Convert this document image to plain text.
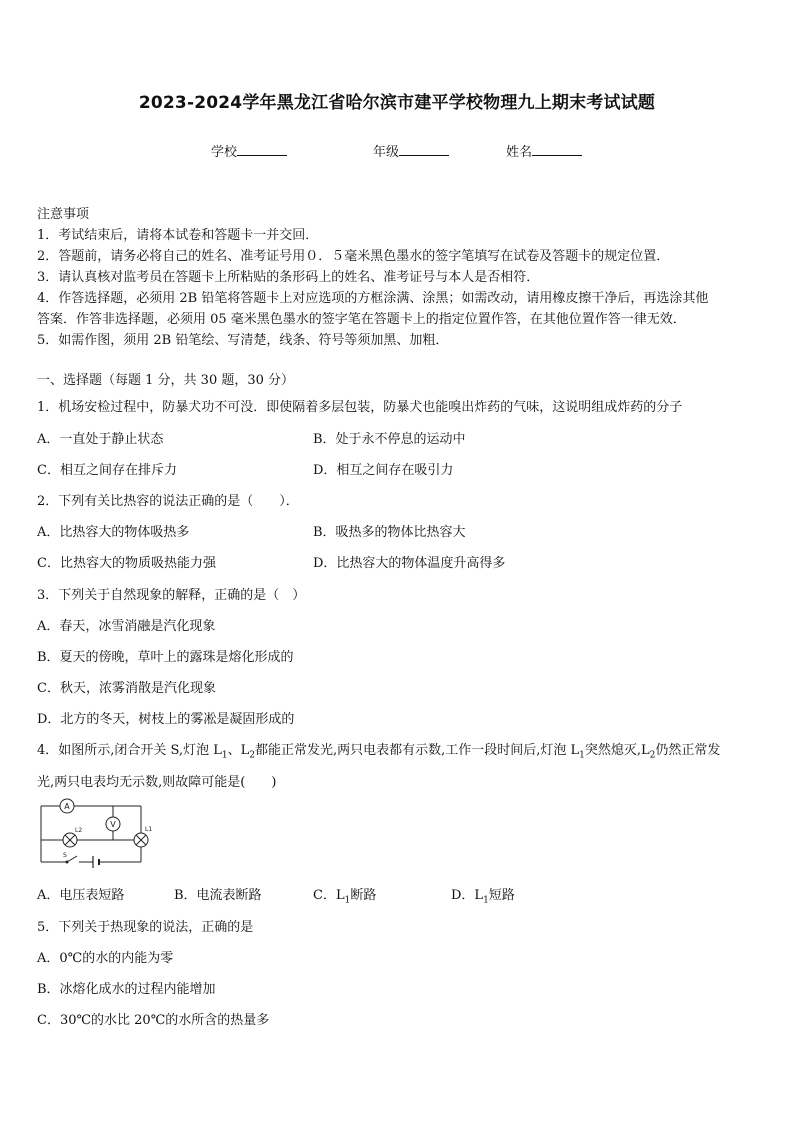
2023-2024学年黑龙江省哈尔滨市建平学校物理九上期末考试试题
学校	年级	姓名
注意事项
1．考试结束后，请将本试卷和答题卡一并交回．
2．答题前，请务必将自己的姓名、准考证号用０．５毫米黑色墨水的签字笔填写在试卷及答题卡的规定位置．
3．请认真核对监考员在答题卡上所粘贴的条形码上的姓名、准考证号与本人是否相符．
4．作答选择题，必须用 2B 铅笔将答题卡上对应选项的方框涂满、涂黑；如需改动，请用橡皮擦干净后，再选涂其他
答案．作答非选择题，必须用 05 毫米黑色墨水的签字笔在答题卡上的指定位置作答，在其他位置作答一律无效．
5．如需作图，须用 2B 铅笔绘、写清楚，线条、符号等须加黑、加粗．
一、选择题（每题 1 分，共 30 题，30 分）
1．机场安检过程中，防暴犬功不可没．即使隔着多层包装，防暴犬也能嗅出炸药的气味，这说明组成炸药的分子
A．一直处于静止状态	B．处于永不停息的运动中
C．相互之间存在排斥力	D．相互之间存在吸引力
2．下列有关比热容的说法正确的是（　　）．
A．比热容大的物体吸热多	B．吸热多的物体比热容大
C．比热容大的物质吸热能力强	D．比热容大的物体温度升高得多
3．下列关于自然现象的解释，正确的是（　）
A．春天，冰雪消融是汽化现象
B．夏天的傍晚，草叶上的露珠是熔化形成的
C．秋天，浓雾消散是汽化现象
D．北方的冬天，树枝上的雾凇是凝固形成的
4．如图所示,闭合开关 S,灯泡 $L_1$、$L_2$都能正常发光,两只电表都有示数,工作一段时间后,灯泡 $L_1$突然熄灭$,L_2$仍然正常发
光,两只电表均无示数,则故障可能是(　　)
A
V
L2	L1
S
A．电压表短路	B．电流表断路	C．$L_1$断路	D．$L_1$短路
5．下列关于热现象的说法，正确的是
A．0℃的水的内能为零
B．冰熔化成水的过程内能增加
C．30℃的水比 20℃的水所含的热量多
